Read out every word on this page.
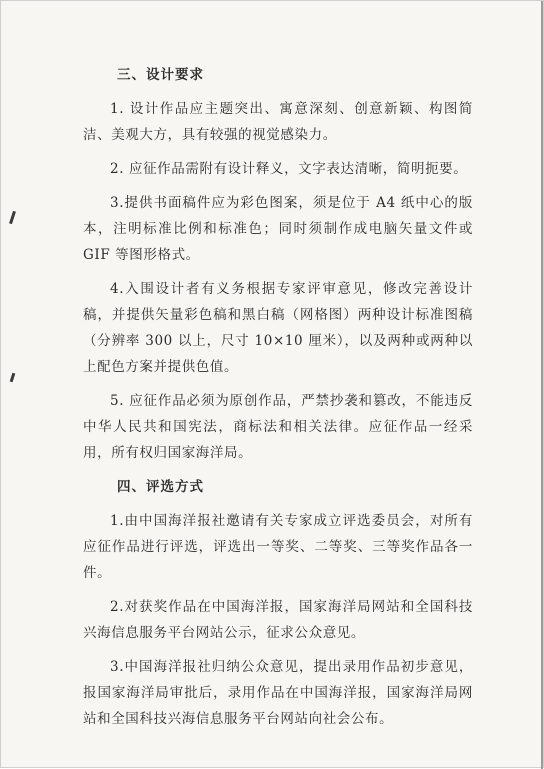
三、设计要求

1. 设计作品应主题突出、寓意深刻、创意新颖、构图简洁、美观大方，具有较强的视觉感染力。

2. 应征作品需附有设计释义，文字表达清晰，简明扼要。

3.提供书面稿件应为彩色图案，须是位于 A4 纸中心的版本，注明标准比例和标准色；同时须制作成电脑矢量文件或 GIF 等图形格式。

4.入围设计者有义务根据专家评审意见，修改完善设计稿，并提供矢量彩色稿和黑白稿（网格图）两种设计标准图稿（分辨率 300 以上，尺寸 10×10 厘米），以及两种或两种以上配色方案并提供色值。

5. 应征作品必须为原创作品，严禁抄袭和篡改，不能违反中华人民共和国宪法，商标法和相关法律。应征作品一经采用，所有权归国家海洋局。

四、评选方式

1.由中国海洋报社邀请有关专家成立评选委员会，对所有应征作品进行评选，评选出一等奖、二等奖、三等奖作品各一件。

2.对获奖作品在中国海洋报，国家海洋局网站和全国科技兴海信息服务平台网站公示，征求公众意见。

3.中国海洋报社归纳公众意见，提出录用作品初步意见，报国家海洋局审批后，录用作品在中国海洋报，国家海洋局网站和全国科技兴海信息服务平台网站向社会公布。
